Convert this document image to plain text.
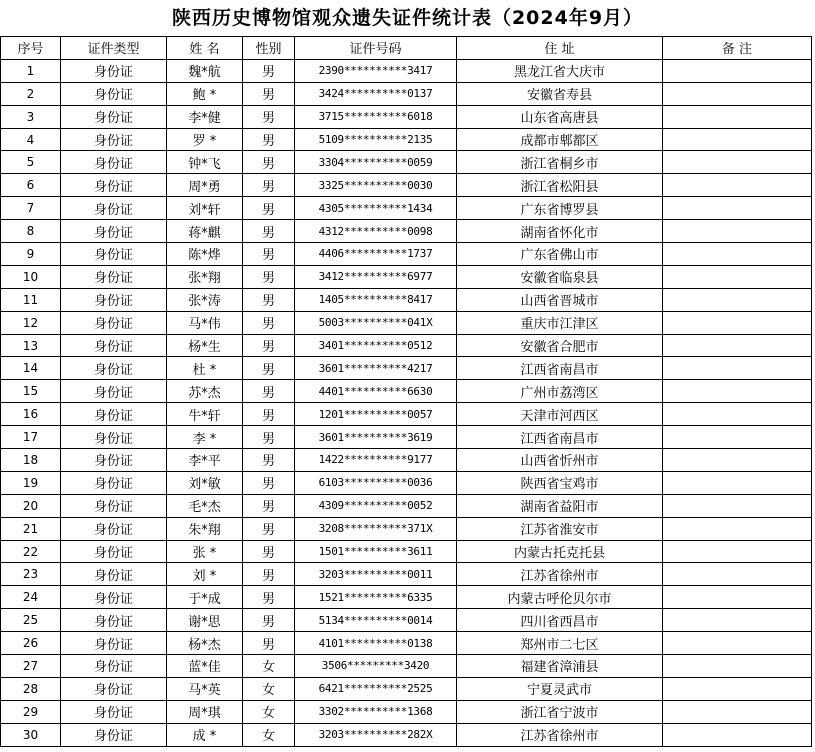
陕西历史博物馆观众遗失证件统计表（2024年9月）
序号	证件类型	姓 名	性别	证件号码	住 址	备 注
1	身份证	魏*航	男	2390**********3417	黑龙江省大庆市	
2	身份证	鲍 *	男	3424**********0137	安徽省寿县	
3	身份证	李*健	男	3715**********6018	山东省高唐县	
4	身份证	罗 *	男	5109**********2135	成都市郫都区	
5	身份证	钟*飞	男	3304**********0059	浙江省桐乡市	
6	身份证	周*勇	男	3325**********0030	浙江省松阳县	
7	身份证	刘*轩	男	4305**********1434	广东省博罗县	
8	身份证	蒋*麒	男	4312**********0098	湖南省怀化市	
9	身份证	陈*烨	男	4406**********1737	广东省佛山市	
10	身份证	张*翔	男	3412**********6977	安徽省临泉县	
11	身份证	张*涛	男	1405**********8417	山西省晋城市	
12	身份证	马*伟	男	5003**********041X	重庆市江津区	
13	身份证	杨*生	男	3401**********0512	安徽省合肥市	
14	身份证	杜 *	男	3601**********4217	江西省南昌市	
15	身份证	苏*杰	男	4401**********6630	广州市荔湾区	
16	身份证	牛*轩	男	1201**********0057	天津市河西区	
17	身份证	李 *	男	3601**********3619	江西省南昌市	
18	身份证	李*平	男	1422**********9177	山西省忻州市	
19	身份证	刘*敏	男	6103**********0036	陕西省宝鸡市	
20	身份证	毛*杰	男	4309**********0052	湖南省益阳市	
21	身份证	朱*翔	男	3208**********371X	江苏省淮安市	
22	身份证	张 *	男	1501**********3611	内蒙古托克托县	
23	身份证	刘 *	男	3203**********0011	江苏省徐州市	
24	身份证	于*成	男	1521**********6335	内蒙古呼伦贝尔市	
25	身份证	谢*思	男	5134**********0014	四川省西昌市	
26	身份证	杨*杰	男	4101**********0138	郑州市二七区	
27	身份证	蓝*佳	女	3506*********3420	福建省漳浦县	
28	身份证	马*英	女	6421**********2525	宁夏灵武市	
29	身份证	周*琪	女	3302**********1368	浙江省宁波市	
30	身份证	成 *	女	3203**********282X	江苏省徐州市	
